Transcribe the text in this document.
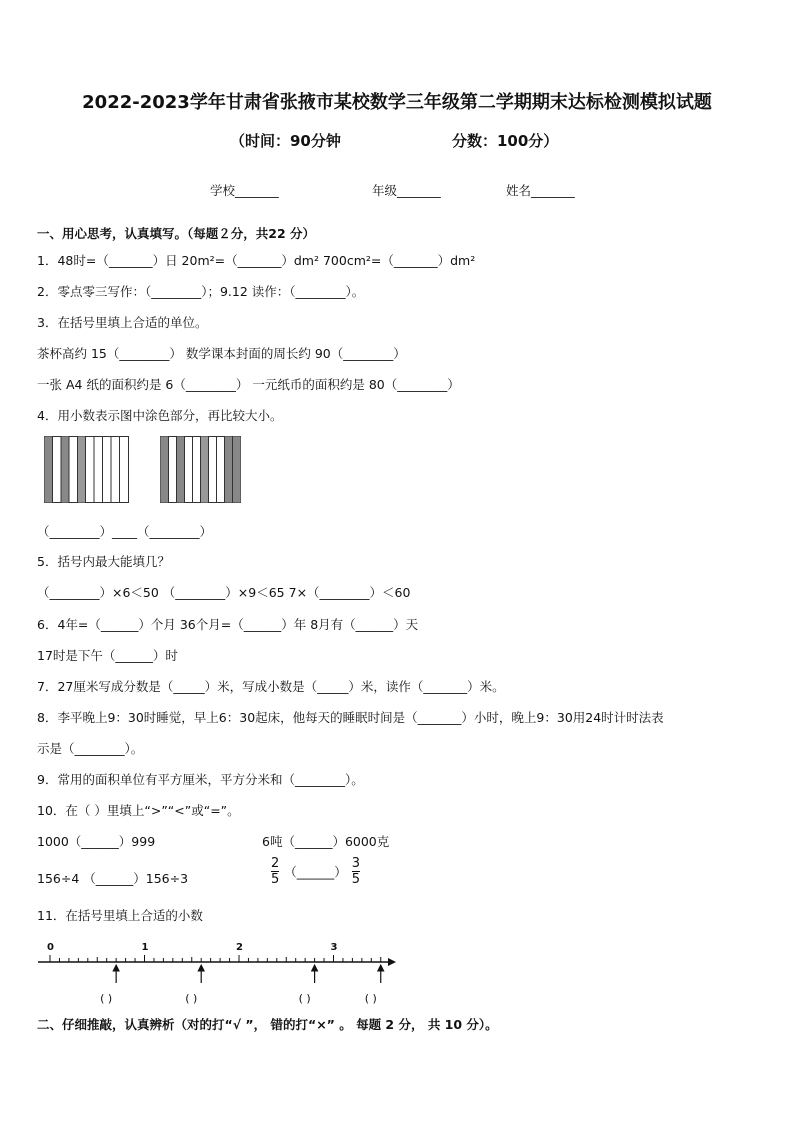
2022-2023学年甘肃省张掖市某校数学三年级第二学期期末达标检测模拟试题
（时间：90分钟	分数：100分）
学校_______	年级_______	姓名_______
一、用心思考，认真填写。（每题２分，共22 分）
1．48时=（_______）日 20m²=（_______）dm² 700cm²=（_______）dm²
2．零点零三写作：（________）；9.12 读作：（________）。
3．在括号里填上合适的单位。
茶杯高约 15（________） 数学课本封面的周长约 90（________）
一张 A4 纸的面积约是 6（________） 一元纸币的面积约是 80（________）
4．用小数表示图中涂色部分，再比较大小。
（________）____（________）
5．括号内最大能填几？
（________）×6＜50 （________）×9＜65 7×（________）＜60
6．4年=（______）个月 36个月=（______）年 8月有（______）天
17时是下午（______）时
7．27厘米写成分数是（_____）米，写成小数是（_____）米，读作（_______）米。
8．李平晚上9：30时睡觉，早上6：30起床，他每天的睡眠时间是（_______）小时，晚上9：30用24时计时法表
示是（________）。
9．常用的面积单位有平方厘米，平方分米和（________）。
10．在（ ）里填上“>”“<”或“=”。
1000（______）999	6吨（______）6000克
156÷4 （______）156÷3	$\frac{2}{5}$ （______） $\frac{3}{5}$
11．在括号里填上合适的小数
0	1	2	3
( )	( )	( )	( )
二、仔细推敲，认真辨析（对的打“√ ”， 错的打“×” 。 每题 2 分， 共 10 分）。
